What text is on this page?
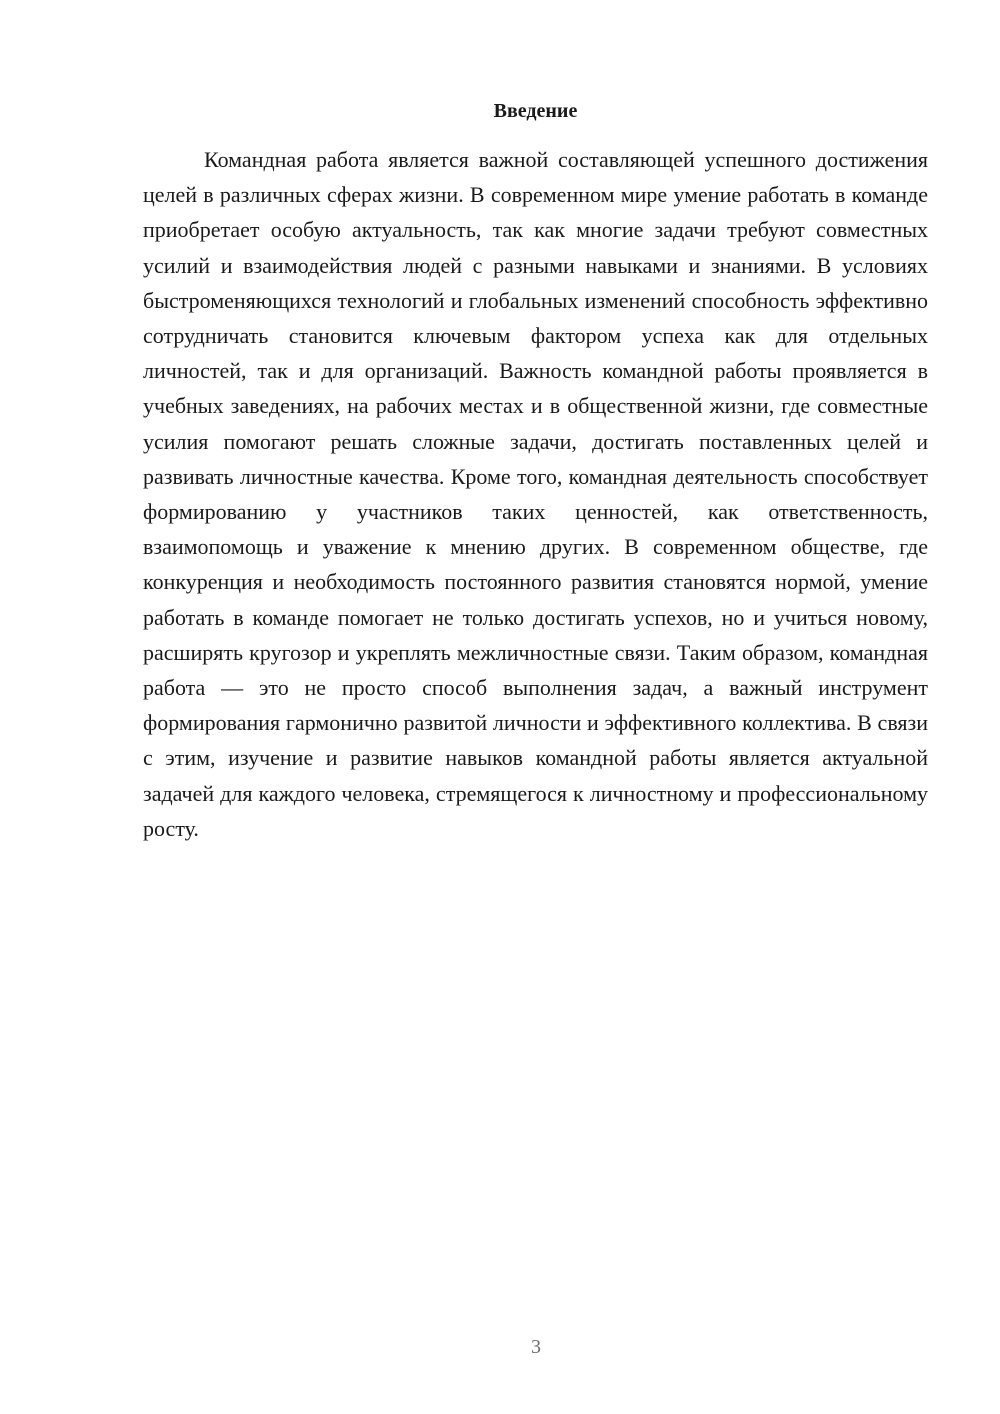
Введение

Командная работа является важной составляющей успешного достижения целей в различных сферах жизни. В современном мире умение работать в команде приобретает особую актуальность, так как многие задачи требуют совместных усилий и взаимодействия людей с разными навыками и знаниями. В условиях быстроменяющихся технологий и глобальных изменений способность эффективно сотрудничать становится ключевым фактором успеха как для отдельных личностей, так и для организаций. Важность командной работы проявляется в учебных заведениях, на рабочих местах и в общественной жизни, где совместные усилия помогают решать сложные задачи, достигать поставленных целей и развивать личностные качества. Кроме того, командная деятельность способствует формированию у участников таких ценностей, как ответственность, взаимопомощь и уважение к мнению других. В современном обществе, где конкуренция и необходимость постоянного развития становятся нормой, умение работать в команде помогает не только достигать успехов, но и учиться новому, расширять кругозор и укреплять межличностные связи. Таким образом, командная работа — это не просто способ выполнения задач, а важный инструмент формирования гармонично развитой личности и эффективного коллектива. В связи с этим, изучение и развитие навыков командной работы является актуальной задачей для каждого человека, стремящегося к личностному и профессиональному росту.

3
